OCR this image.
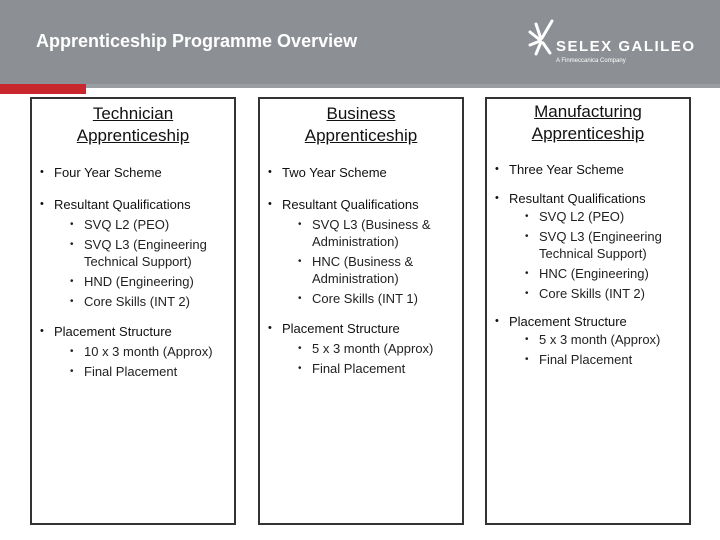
Apprenticeship Programme Overview	SELEX GALILEO
A Finmeccanica Company
Technician
Apprenticeship
• Four Year Scheme
• Resultant Qualifications
• SVQ L2 (PEO)
• SVQ L3 (Engineering Technical Support)
• HND (Engineering)
• Core Skills (INT 2)
• Placement Structure
• 10 x 3 month (Approx)
• Final Placement
Business
Apprenticeship
• Two Year Scheme
• Resultant Qualifications
• SVQ L3 (Business & Administration)
• HNC (Business & Administration)
• Core Skills (INT 1)
• Placement Structure
• 5 x 3 month (Approx)
• Final Placement
Manufacturing
Apprenticeship
• Three Year Scheme
• Resultant Qualifications
• SVQ L2 (PEO)
• SVQ L3 (Engineering Technical Support)
• HNC (Engineering)
• Core Skills (INT 2)
• Placement Structure
• 5 x 3 month (Approx)
• Final Placement
